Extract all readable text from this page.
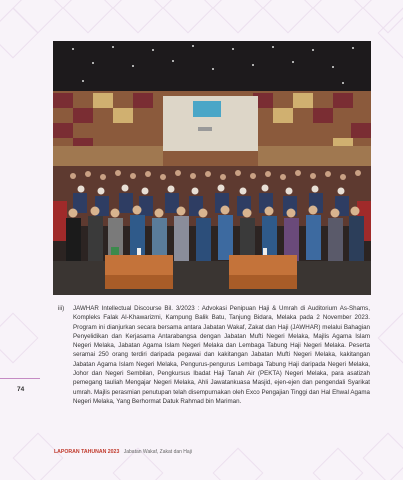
iii)	JAWHAR Intellectual Discourse Bil. 3/2023 : Advokasi Penipuan Haji & Umrah di Auditorium As-Shams, Kompleks Falak Al-Khawarizmi, Kampung Balik Batu, Tanjung Bidara, Melaka pada 2 November 2023. Program ini dianjurkan secara bersama antara Jabatan Wakaf, Zakat dan Haji (JAWHAR) melalui Bahagian Penyelidikan dan Kerjasama Antarabangsa dengan Jabatan Mufti Negeri Melaka, Majlis Agama Islam Negeri Melaka, Jabatan Agama Islam Negeri Melaka dan Lembaga Tabung Haji Negeri Melaka. Peserta seramai 250 orang terdiri daripada pegawai dan kakitangan Jabatan Mufti Negeri Melaka, kakitangan Jabatan Agama Islam Negeri Melaka, Pengurus-pengurus Lembaga Tabung Haji daripada Negeri Melaka, Johor dan Negeri Sembilan, Pengkursus Ibadat Haji Tanah Air (PEKTA) Negeri Melaka, para asatizah pemegang tauliah Mengajar Negeri Melaka, Ahli Jawatankuasa Masjid, ejen-ejen dan pengendali Syarikat umrah. Majlis perasmian penutupan telah disempurnakan oleh Exco Pengajian Tinggi dan Hal Ehwal Agama Negeri Melaka, Yang Berhormat Datuk Rahmad bin Mariman.
74
LAPORAN TAHUNAN 2023 Jabatan Wakaf, Zakat dan Haji
